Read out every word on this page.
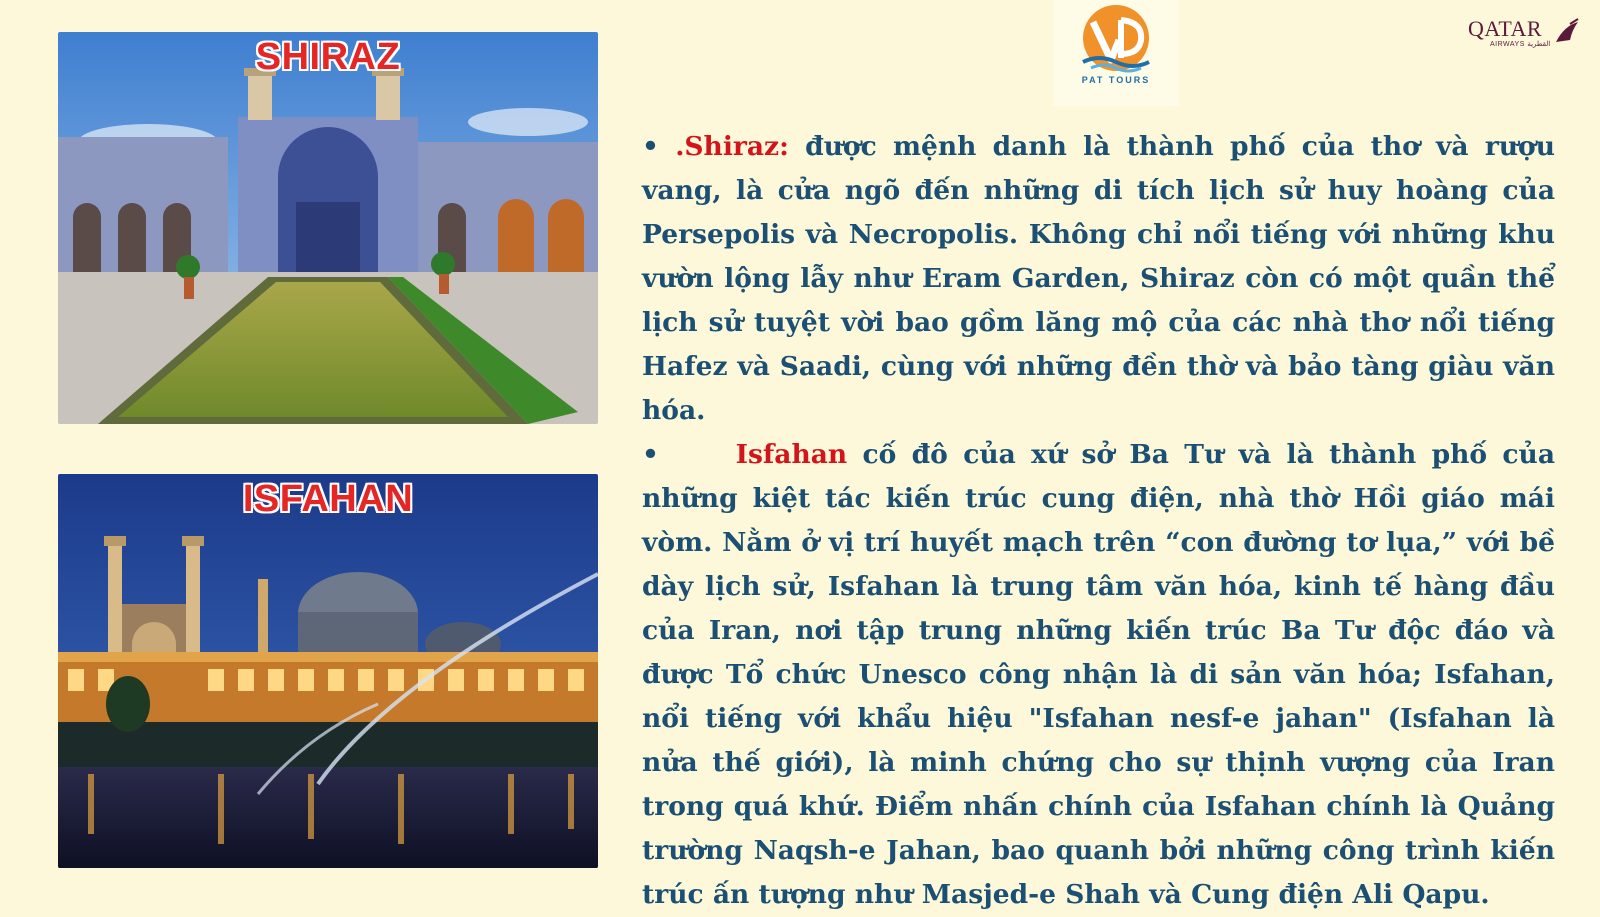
SHIRAZ
ISFAHAN
PAT TOURS
QATAR
AIRWAYS القطرية
• .Shiraz: được mệnh danh là thành phố của thơ và rượu vang, là cửa ngõ đến những di tích lịch sử huy hoàng của Persepolis và Necropolis. Không chỉ nổi tiếng với những khu vườn lộng lẫy như Eram Garden, Shiraz còn có một quần thể lịch sử tuyệt vời bao gồm lăng mộ của các nhà thơ nổi tiếng Hafez và Saadi, cùng với những đền thờ và bảo tàng giàu văn hóa.
•     Isfahan cố đô của xứ sở Ba Tư và là thành phố của những kiệt tác kiến trúc cung điện, nhà thờ Hồi giáo mái vòm. Nằm ở vị trí huyết mạch trên “con đường tơ lụa,” với bề dày lịch sử, Isfahan là trung tâm văn hóa, kinh tế hàng đầu của Iran, nơi tập trung những kiến trúc Ba Tư độc đáo và được Tổ chức Unesco công nhận là di sản văn hóa; Isfahan, nổi tiếng với khẩu hiệu "Isfahan nesf-e jahan" (Isfahan là nửa thế giới), là minh chứng cho sự thịnh vượng của Iran trong quá khứ. Điểm nhấn chính của Isfahan chính là Quảng trường Naqsh-e Jahan, bao quanh bởi những công trình kiến trúc ấn tượng như Masjed-e Shah và Cung điện Ali Qapu.
